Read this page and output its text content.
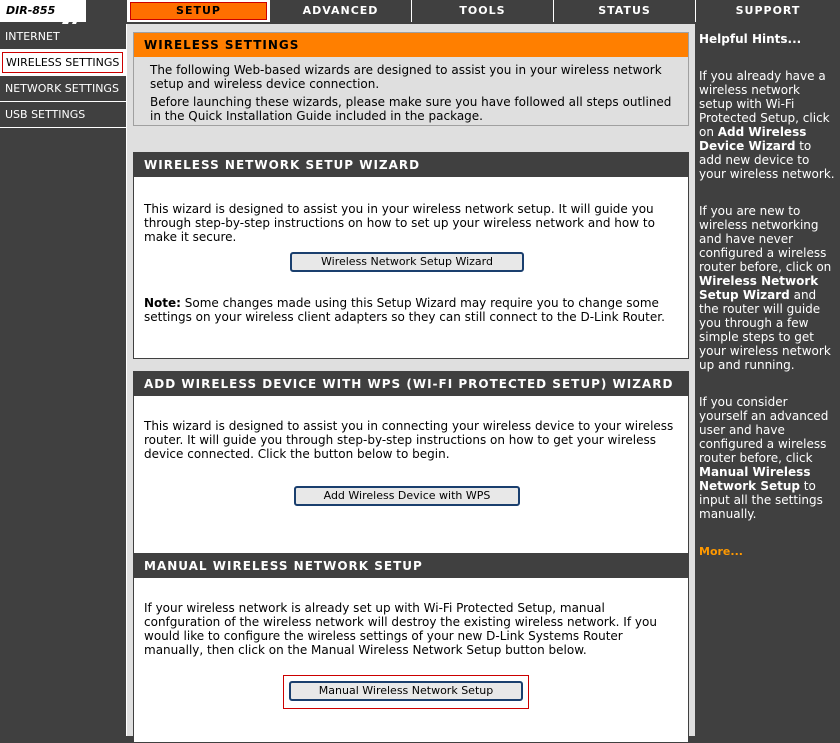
DIR-855	SETUP	ADVANCED	TOOLS	STATUS	SUPPORT
INTERNET
WIRELESS SETTINGS
NETWORK SETTINGS
USB SETTINGS
WIRELESS SETTINGS

The following Web-based wizards are designed to assist you in your wireless network setup and wireless device connection.

Before launching these wizards, please make sure you have followed all steps outlined in the Quick Installation Guide included in the package.

WIRELESS NETWORK SETUP WIZARD

This wizard is designed to assist you in your wireless network setup. It will guide you through step-by-step instructions on how to set up your wireless network and how to make it secure.

Note: Some changes made using this Setup Wizard may require you to change some settings on your wireless client adapters so they can still connect to the D-Link Router.

Wireless Network Setup Wizard
ADD WIRELESS DEVICE WITH WPS (WI-FI PROTECTED SETUP) WIZARD

This wizard is designed to assist you in connecting your wireless device to your wireless router. It will guide you through step-by-step instructions on how to get your wireless device connected. Click the button below to begin.

Add Wireless Device with WPS
MANUAL WIRELESS NETWORK SETUP

If your wireless network is already set up with Wi-Fi Protected Setup, manual confguration of the wireless network will destroy the existing wireless network. If you would like to configure the wireless settings of your new D-Link Systems Router manually, then click on the Manual Wireless Network Setup button below.

Manual Wireless Network Setup
Helpful Hints...

If you already have a wireless network setup with Wi-Fi Protected Setup, click on Add Wireless Device Wizard to add new device to your wireless network.

If you are new to wireless networking and have never configured a wireless router before, click on Wireless Network Setup Wizard and the router will guide you through a few simple steps to get your wireless network up and running.

If you consider yourself an advanced user and have configured a wireless router before, click Manual Wireless Network Setup to input all the settings manually.

More...
